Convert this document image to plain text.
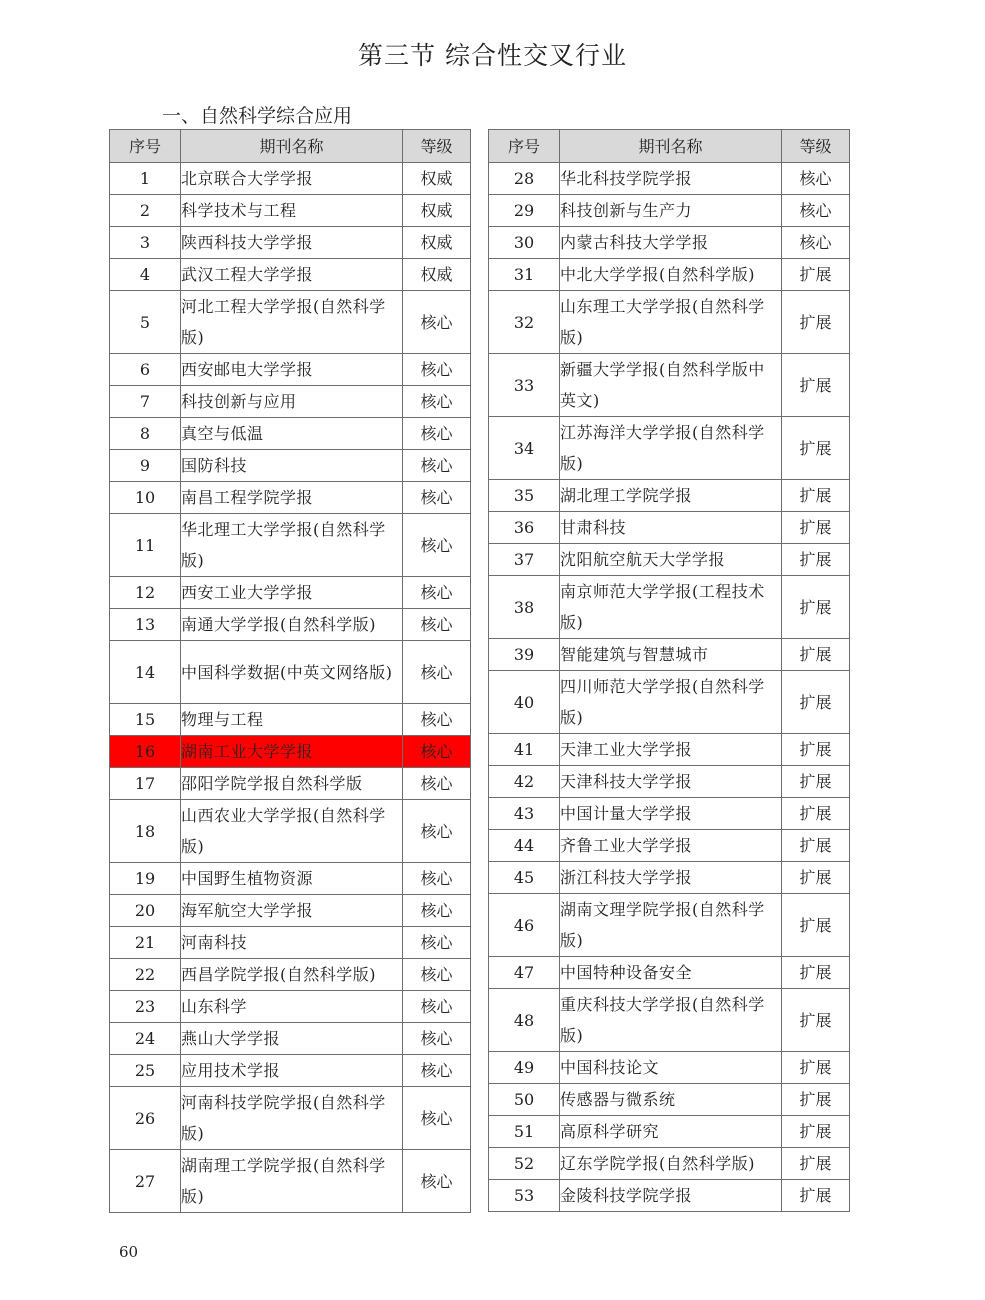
第三节 综合性交叉行业
一、自然科学综合应用
序号	期刊名称	等级
1	北京联合大学学报	权威
2	科学技术与工程	权威
3	陕西科技大学学报	权威
4	武汉工程大学学报	权威
5	河北工程大学学报(自然科学版)	核心
6	西安邮电大学学报	核心
7	科技创新与应用	核心
8	真空与低温	核心
9	国防科技	核心
10	南昌工程学院学报	核心
11	华北理工大学学报(自然科学版)	核心
12	西安工业大学学报	核心
13	南通大学学报(自然科学版)	核心
14	中国科学数据(中英文网络版)	核心
15	物理与工程	核心
16	湖南工业大学学报	核心
17	邵阳学院学报自然科学版	核心
18	山西农业大学学报(自然科学版)	核心
19	中国野生植物资源	核心
20	海军航空大学学报	核心
21	河南科技	核心
22	西昌学院学报(自然科学版)	核心
23	山东科学	核心
24	燕山大学学报	核心
25	应用技术学报	核心
26	河南科技学院学报(自然科学版)	核心
27	湖南理工学院学报(自然科学版)	核心
序号	期刊名称	等级
28	华北科技学院学报	核心
29	科技创新与生产力	核心
30	内蒙古科技大学学报	核心
31	中北大学学报(自然科学版)	扩展
32	山东理工大学学报(自然科学版)	扩展
33	新疆大学学报(自然科学版中英文)	扩展
34	江苏海洋大学学报(自然科学版)	扩展
35	湖北理工学院学报	扩展
36	甘肃科技	扩展
37	沈阳航空航天大学学报	扩展
38	南京师范大学学报(工程技术版)	扩展
39	智能建筑与智慧城市	扩展
40	四川师范大学学报(自然科学版)	扩展
41	天津工业大学学报	扩展
42	天津科技大学学报	扩展
43	中国计量大学学报	扩展
44	齐鲁工业大学学报	扩展
45	浙江科技大学学报	扩展
46	湖南文理学院学报(自然科学版)	扩展
47	中国特种设备安全	扩展
48	重庆科技大学学报(自然科学版)	扩展
49	中国科技论文	扩展
50	传感器与微系统	扩展
51	高原科学研究	扩展
52	辽东学院学报(自然科学版)	扩展
53	金陵科技学院学报	扩展
60
